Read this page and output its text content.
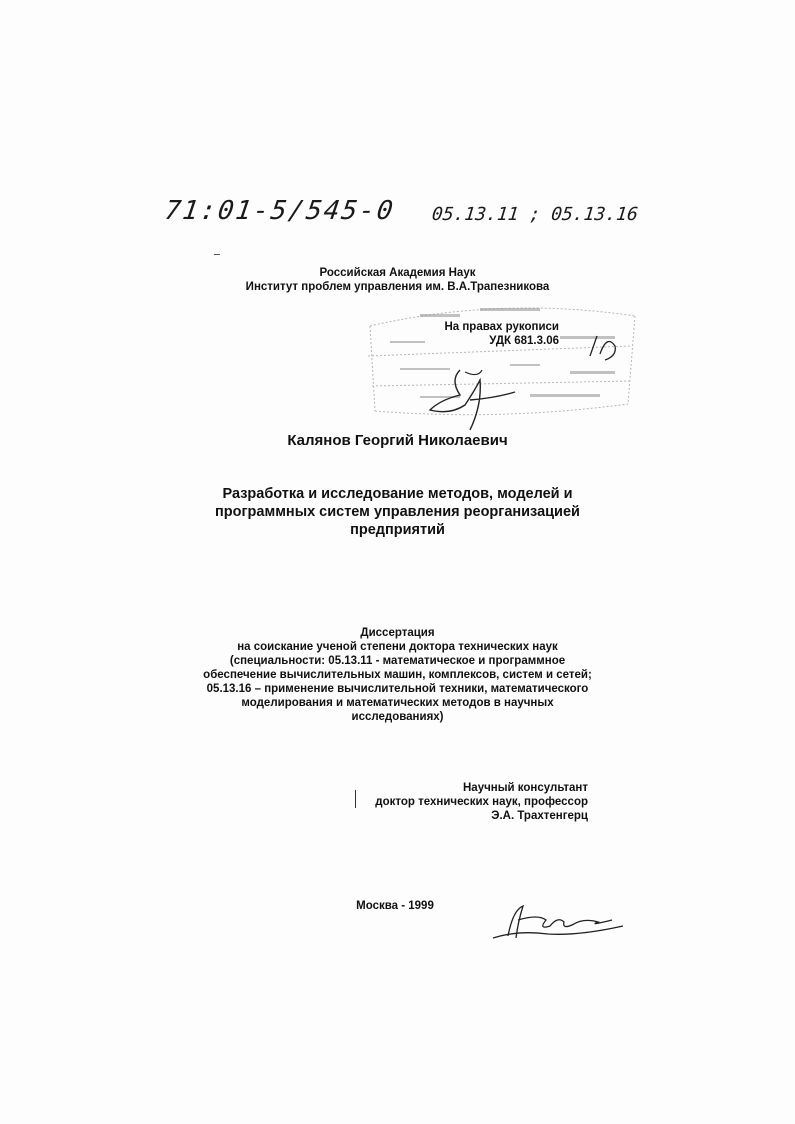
71:01-5/545-0 05.13.11 ; 05.13.16
Российская Академия Наук
Институт проблем управления им. В.А.Трапезникова
На правах рукописи
УДК 681.3.06
Калянов Георгий Николаевич
Разработка и исследование методов, моделей и
программных систем управления реорганизацией
предприятий
Диссертация
на соискание ученой степени доктора технических наук
(специальности: 05.13.11 - математическое и программное
обеспечение вычислительных машин, комплексов, систем и сетей;
05.13.16 – применение вычислительной техники, математического
моделирования и математических методов в научных
исследованиях)
Научный консультант
доктор технических наук, профессор
Э.А. Трахтенгерц
Москва - 1999
